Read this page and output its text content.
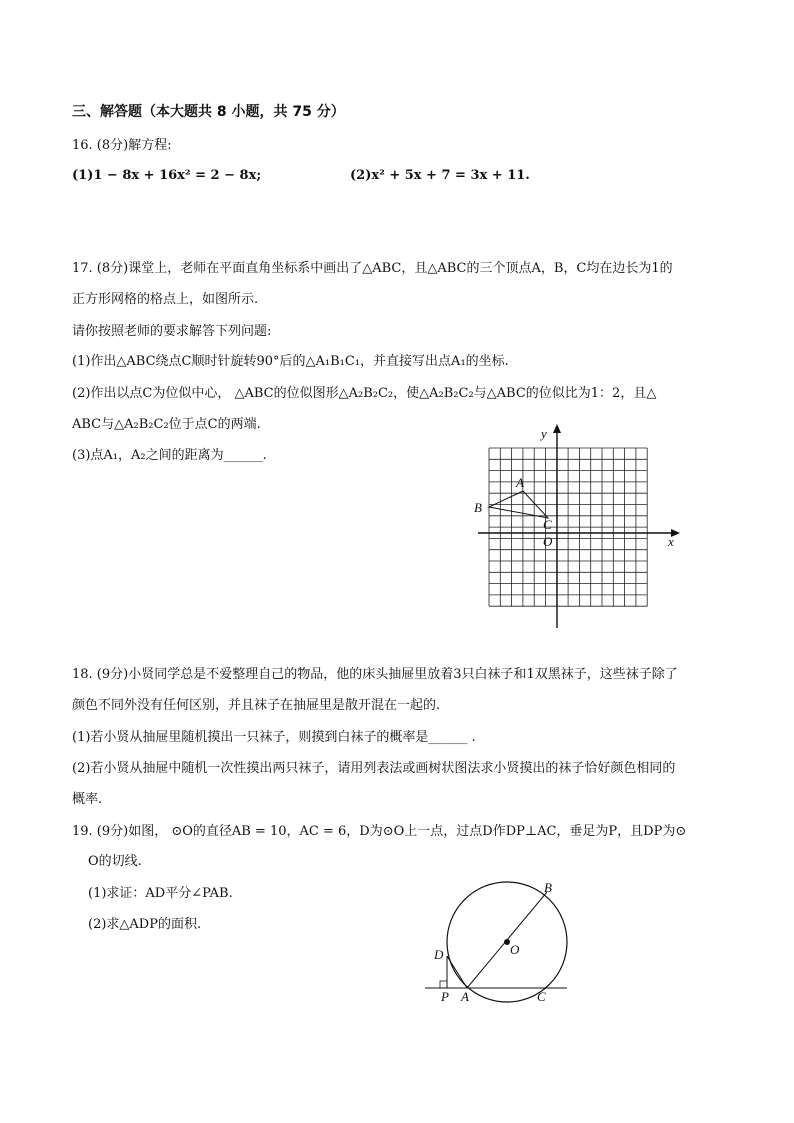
三、解答题（本大题共 8 小题，共 75 分）
16. (8分)解方程:
(1)1 − 8x + 16x² = 2 − 8x;	(2)x² + 5x + 7 = 3x + 11.
17. (8分)课堂上，老师在平面直角坐标系中画出了△ABC，且△ABC的三个顶点A，B，C均在边长为1的
正方形网格的格点上，如图所示.
请你按照老师的要求解答下列问题:
(1)作出△ABC绕点C顺时针旋转90°后的△A₁B₁C₁，并直接写出点A₁的坐标.
(2)作出以点C为位似中心， △ABC的位似图形△A₂B₂C₂，使△A₂B₂C₂与△ABC的位似比为1：2，且△
ABC与△A₂B₂C₂位于点C的两端.
(3)点A₁，A₂之间的距离为______.
y
x
A
B
C
O
18. (9分)小贤同学总是不爱整理自己的物品，他的床头抽屉里放着3只白袜子和1双黑袜子，这些袜子除了
颜色不同外没有任何区别，并且袜子在抽屉里是散开混在一起的.
(1)若小贤从抽屉里随机摸出一只袜子，则摸到白袜子的概率是______ .
(2)若小贤从抽屉中随机一次性摸出两只袜子，请用列表法或画树状图法求小贤摸出的袜子恰好颜色相同的
概率.
19. (9分)如图， ⊙O的直径AB = 10，AC = 6，D为⊙O上一点，过点D作DP⊥AC，垂足为P，且DP为⊙
O的切线.
(1)求证：AD平分∠PAB.
(2)求△ADP的面积.
B
O
D
P A	C
